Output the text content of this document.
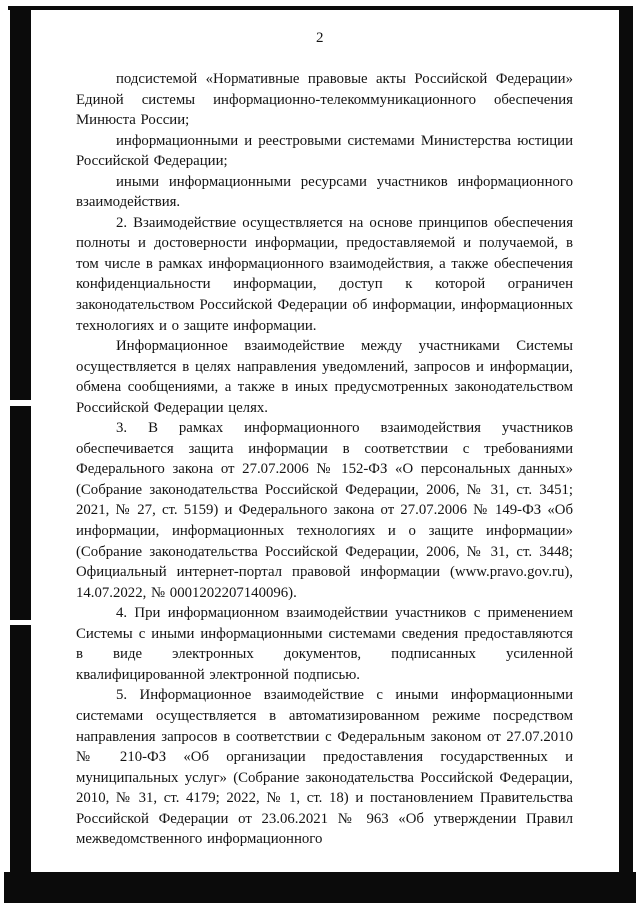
2

подсистемой «Нормативные правовые акты Российской Федерации» Единой системы информационно-телекоммуникационного обеспечения Минюста России;

информационными и реестровыми системами Министерства юстиции Российской Федерации;

иными информационными ресурсами участников информационного взаимодействия.

2. Взаимодействие осуществляется на основе принципов обеспечения полноты и достоверности информации, предоставляемой и получаемой, в том числе в рамках информационного взаимодействия, а также обеспечения конфиденциальности информации, доступ к которой ограничен законодательством Российской Федерации об информации, информационных технологиях и о защите информации.

Информационное взаимодействие между участниками Системы осуществляется в целях направления уведомлений, запросов и информации, обмена сообщениями, а также в иных предусмотренных законодательством Российской Федерации целях.

3. В рамках информационного взаимодействия участников обеспечивается защита информации в соответствии с требованиями Федерального закона от 27.07.2006 № 152-ФЗ «О персональных данных» (Собрание законодательства Российской Федерации, 2006, № 31, ст. 3451; 2021, № 27, ст. 5159) и Федерального закона от 27.07.2006 № 149-ФЗ «Об информации, информационных технологиях и о защите информации» (Собрание законодательства Российской Федерации, 2006, № 31, ст. 3448; Официальный интернет-портал правовой информации (www.pravo.gov.ru), 14.07.2022, № 0001202207140096).

4. При информационном взаимодействии участников с применением Системы с иными информационными системами сведения предоставляются в виде электронных документов, подписанных усиленной квалифицированной электронной подписью.

5. Информационное взаимодействие с иными информационными системами осуществляется в автоматизированном режиме посредством направления запросов в соответствии с Федеральным законом от 27.07.2010 № 210-ФЗ «Об организации предоставления государственных и муниципальных услуг» (Собрание законодательства Российской Федерации, 2010, № 31, ст. 4179; 2022, № 1, ст. 18) и постановлением Правительства Российской Федерации от 23.06.2021 № 963 «Об утверждении Правил межведомственного информационного
